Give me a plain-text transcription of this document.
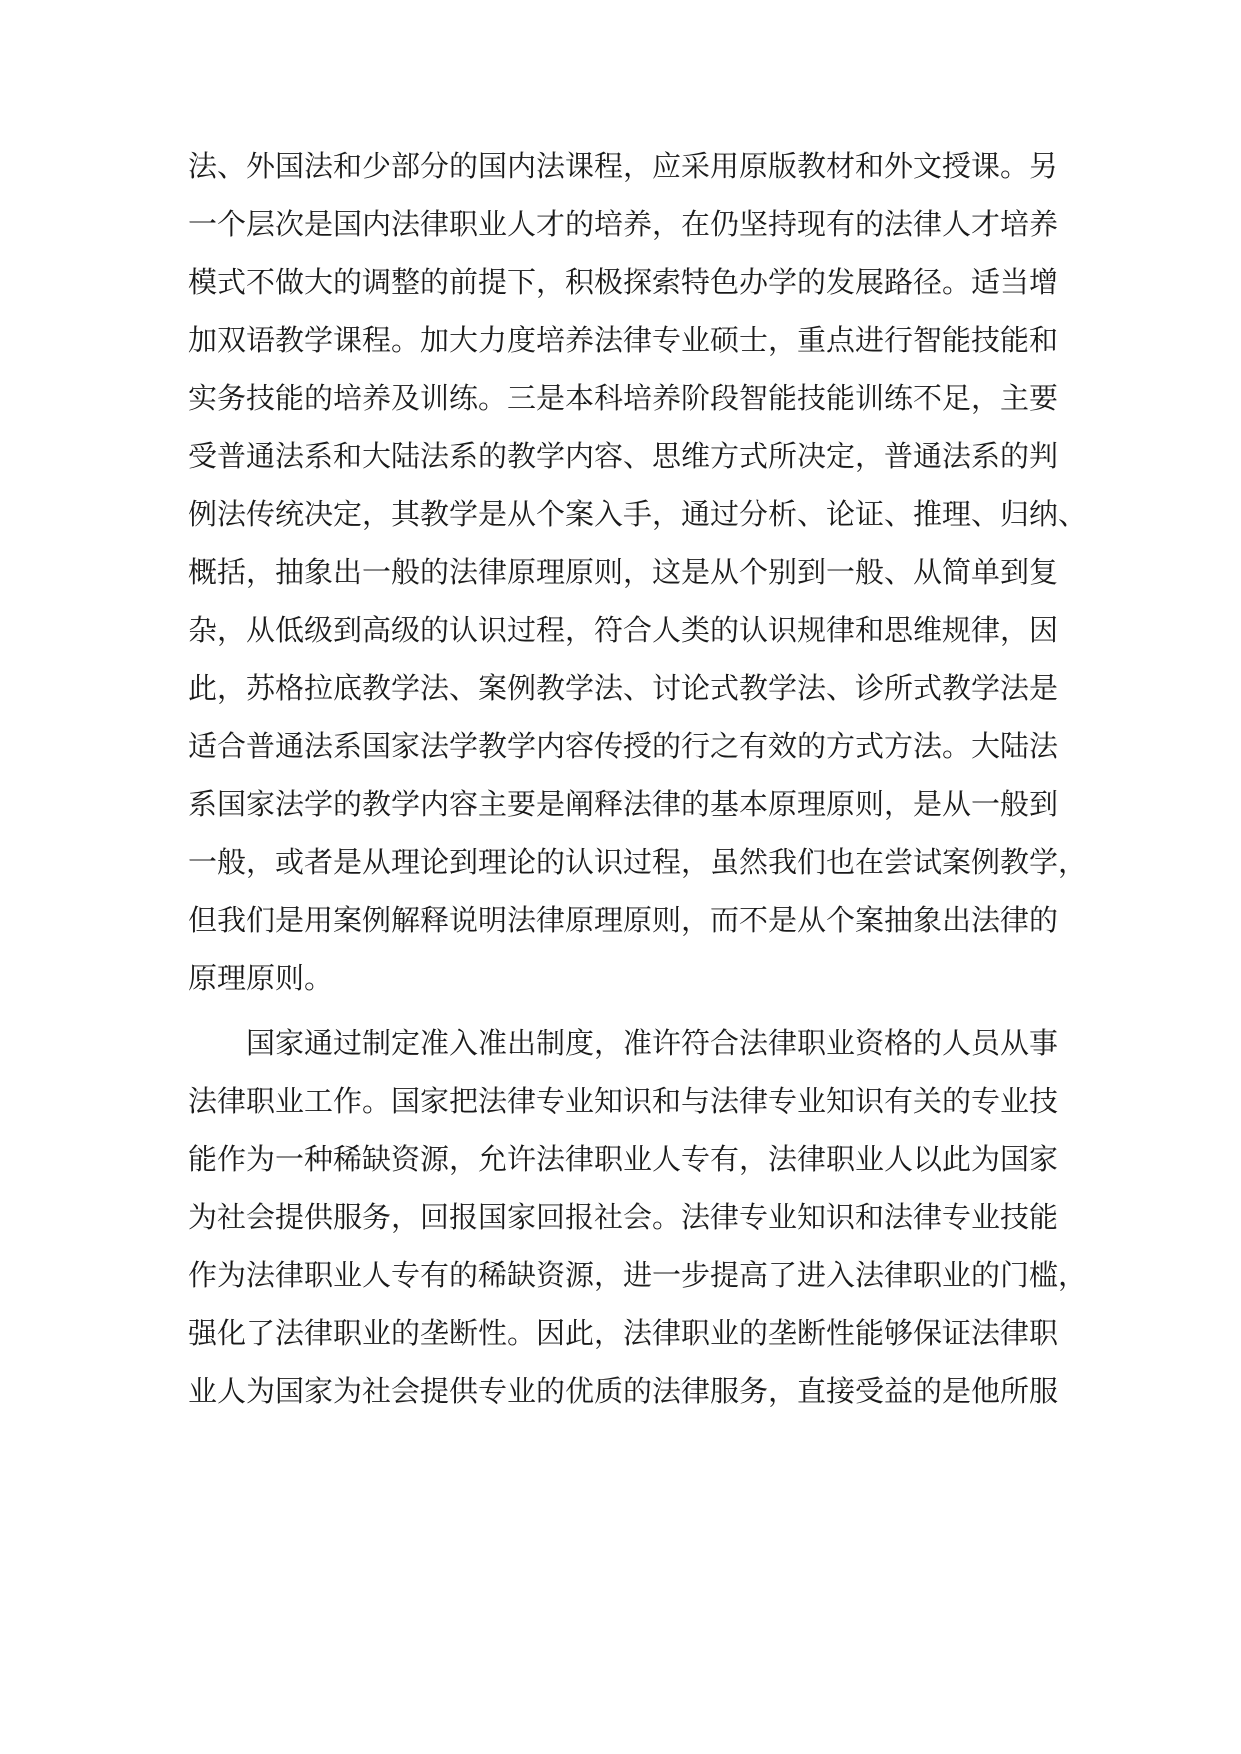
法、外国法和少部分的国内法课程，应采用原版教材和外文授课。另
一个层次是国内法律职业人才的培养，在仍坚持现有的法律人才培养
模式不做大的调整的前提下，积极探索特色办学的发展路径。适当增
加双语教学课程。加大力度培养法律专业硕士，重点进行智能技能和
实务技能的培养及训练。三是本科培养阶段智能技能训练不足，主要
受普通法系和大陆法系的教学内容、思维方式所决定，普通法系的判
例法传统决定，其教学是从个案入手，通过分析、论证、推理、归纳、
概括，抽象出一般的法律原理原则，这是从个别到一般、从简单到复
杂，从低级到高级的认识过程，符合人类的认识规律和思维规律，因
此，苏格拉底教学法、案例教学法、讨论式教学法、诊所式教学法是
适合普通法系国家法学教学内容传授的行之有效的方式方法。大陆法
系国家法学的教学内容主要是阐释法律的基本原理原则，是从一般到
一般，或者是从理论到理论的认识过程，虽然我们也在尝试案例教学，
但我们是用案例解释说明法律原理原则，而不是从个案抽象出法律的
原理原则。
国家通过制定准入准出制度，准许符合法律职业资格的人员从事
法律职业工作。国家把法律专业知识和与法律专业知识有关的专业技
能作为一种稀缺资源，允许法律职业人专有，法律职业人以此为国家
为社会提供服务，回报国家回报社会。法律专业知识和法律专业技能
作为法律职业人专有的稀缺资源，进一步提高了进入法律职业的门槛，
强化了法律职业的垄断性。因此，法律职业的垄断性能够保证法律职
业人为国家为社会提供专业的优质的法律服务，直接受益的是他所服
